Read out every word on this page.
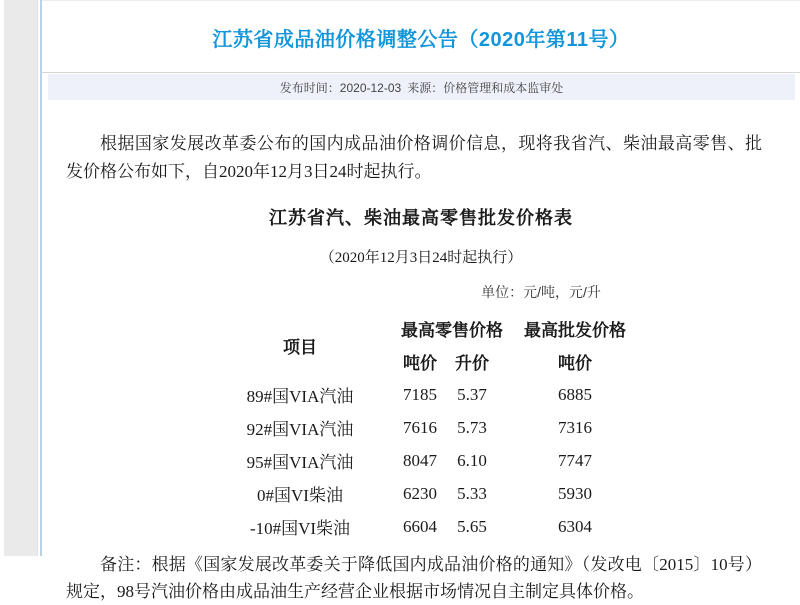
江苏省成品油价格调整公告（2020年第11号）
发布时间：2020-12-03 来源：价格管理和成本监审处

根据国家发展改革委公布的国内成品油价格调价信息，现将我省汽、柴油最高零售、批发价格公布如下，自2020年12月3日24时起执行。

江苏省汽、柴油最高零售批发价格表
（2020年12月3日24时起执行）
单位：元/吨，元/升
项目	最高零售价格		最高批发价格
	吨价	升价	吨价
89#国VIA汽油	7185	5.37	6885
92#国VIA汽油	7616	5.73	7316
95#国VIA汽油	8047	6.10	7747
0#国VI柴油	6230	5.33	5930
-10#国VI柴油	6604	5.65	6304

备注：根据《国家发展改革委关于降低国内成品油价格的通知》（发改电〔2015〕10号）规定，98号汽油价格由成品油生产经营企业根据市场情况自主制定具体价格。
